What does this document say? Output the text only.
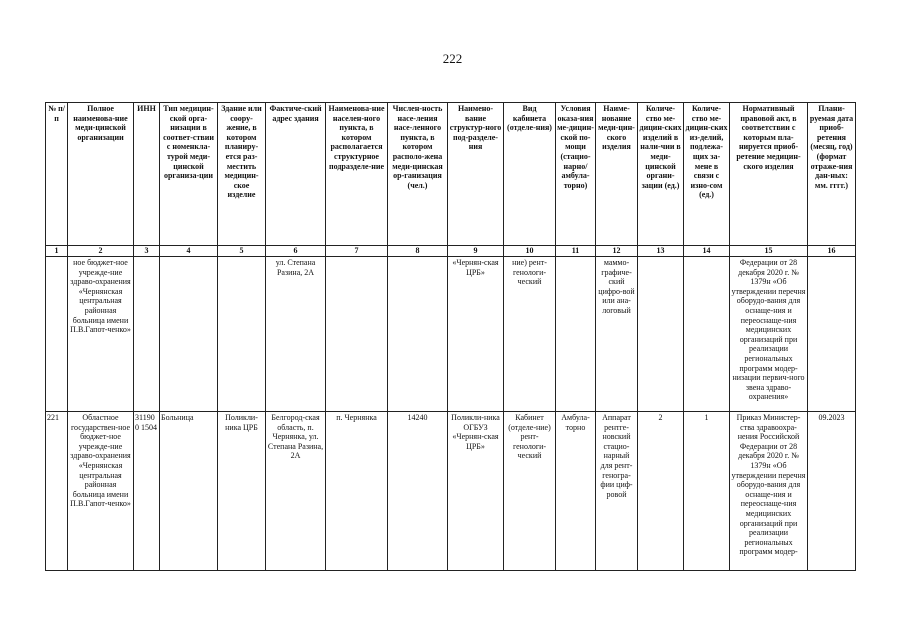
222
№ п/п	Полное наименова-ние меди-цинской организации	ИНН	Тип медицин-ской орга-низации в соответ-ствии с номенкла-турой меди-цинской организа-ции	Здание или соору-жение, в котором планиру-ется раз-местить медицин-ское изделие	Фактиче-ский адрес здания	Наименова-ние населен-ного пункта, в котором располагается структурное подразделе-ние	Числен-ность насе-ления насе-ленного пункта, в котором располо-жена меди-цинская ор-ганизация (чел.)	Наимено-вание структур-ного под-разделе-ния	Вид кабинета (отделе-ния)	Условия оказа-ния ме-дицин-ской по-мощи (стацио-нарно/ амбула-торно)	Наиме-нование меди-цин-ского изделия	Количе-ство ме-дицин-ских изделий в нали-чии в меди-цинской органи-зации (ед.)	Количе-ство ме-дицин-ских из-делий, подлежа-щих за-мене в связи с изно-сом (ед.)	Нормативный правовой акт, в соответствии с которым пла-нируется приоб-ретение медицин-ского изделия	Плани-руемая дата приоб-ретения (месяц, год) (формат отраже-ния дан-ных: мм. гггг.)
1	2	3	4	5	6	7	8	9	10	11	12	13	14	15	16
	ное бюджет-ное учрежде-ние здраво-охранения «Чернянская центральная районная больница имени П.В.Гапот-ченко»				ул. Степана Разина, 2А			«Чернян-ская ЦРБ»	ние) рент-генологи-ческий		маммо-графиче-ский цифро-вой или ана-логовый			Федерации от 28 декабря 2020 г. № 1379н «Об утверждении перечня оборудо-вания для оснаще-ния и переоснаще-ния медицинских организаций при реализации региональных программ модер-низации первич-ного звена здраво-охранения»	
221	Областное государствен-ное бюджет-ное учрежде-ние здраво-охранения «Чернянская центральная районная больница имени П.В.Гапот-ченко»	311900 1504	Больница	Поликли-ника ЦРБ	Белгород-ская область, п. Чернянка, ул. Степана Разина, 2А	п. Чернянка	14240	Поликли-ника ОГБУЗ «Чернян-ская ЦРБ»	Кабинет (отделе-ние) рент-генологи-ческий	Амбула-торно	Аппарат рентге-новский стацио-нарный для рент-геногра-фии циф-ровой	2	1	Приказ Министер-ства здравоохра-нения Российской Федерации от 28 декабря 2020 г. № 1379н «Об утверждении перечня оборудо-вания для оснаще-ния и переоснаще-ния медицинских организаций при реализации региональных программ модер-	09.2023
